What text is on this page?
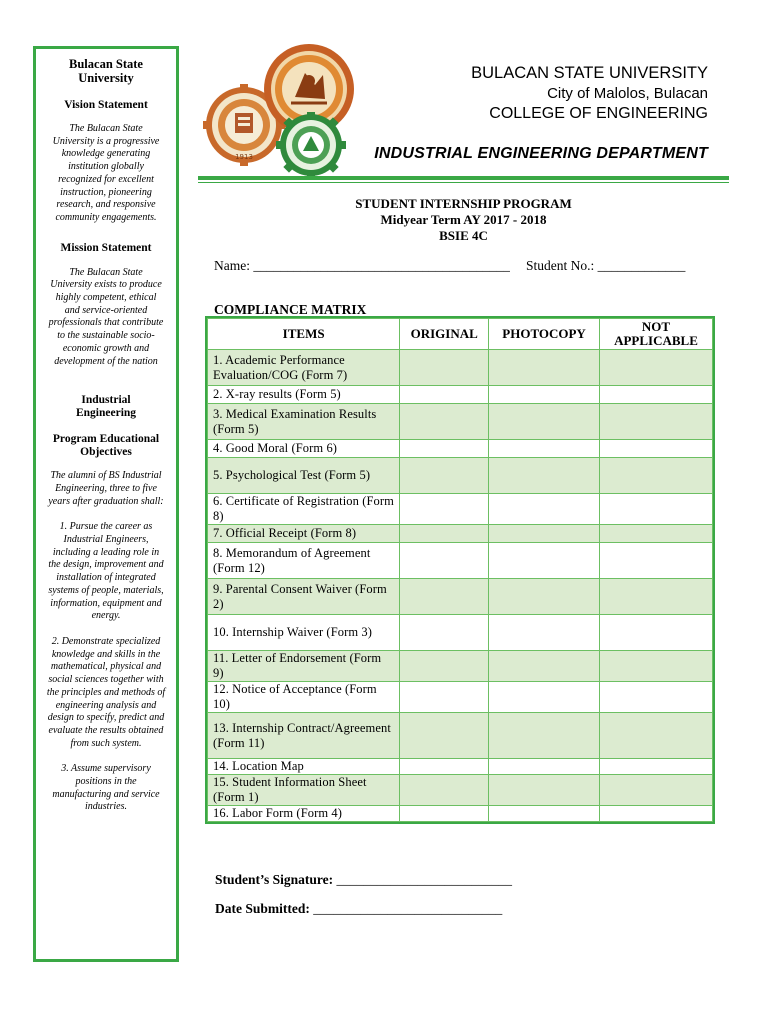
Bulacan State University
Vision Statement
The Bulacan State University is a progressive knowledge generating institution globally recognized for excellent instruction, pioneering research, and responsive community engagements.
Mission Statement
The Bulacan State University exists to produce highly competent, ethical and service-oriented professionals that contribute to the sustainable socio-economic growth and development of the nation
Industrial Engineering
Program Educational Objectives
The alumni of BS Industrial Engineering, three to five years after graduation shall:
1. Pursue the career as Industrial Engineers, including a leading role in the design, improvement and installation of integrated systems of people, materials, information, equipment and energy.
2. Demonstrate specialized knowledge and skills in the mathematical, physical and social sciences together with the principles and methods of engineering analysis and design to specify, predict and evaluate the results obtained from such system.
3. Assume supervisory positions in the manufacturing and service industries.
1913
BULACAN STATE UNIVERSITY
City of Malolos, Bulacan
COLLEGE OF ENGINEERING
INDUSTRIAL ENGINEERING DEPARTMENT
STUDENT INTERNSHIP PROGRAM
Midyear Term AY 2017 - 2018
BSIE 4C
Name: ______________________________________ Student No.: _____________
COMPLIANCE MATRIX
ITEMS	ORIGINAL	PHOTOCOPY	NOT APPLICABLE
1. Academic Performance Evaluation/COG (Form 7)			
2. X-ray results (Form 5)			
3. Medical Examination Results (Form 5)			
4. Good Moral (Form 6)			
5. Psychological Test (Form 5)			
6. Certificate of Registration (Form 8)			
7. Official Receipt (Form 8)			
8. Memorandum of Agreement (Form 12)			
9. Parental Consent Waiver (Form 2)			
10. Internship Waiver (Form 3)			
11. Letter of Endorsement (Form 9)			
12. Notice of Acceptance (Form 10)			
13. Internship Contract/Agreement (Form 11)			
14. Location Map			
15. Student Information Sheet (Form 1)			
16. Labor Form (Form 4)			
Student’s Signature: __________________________
Date Submitted: ____________________________
